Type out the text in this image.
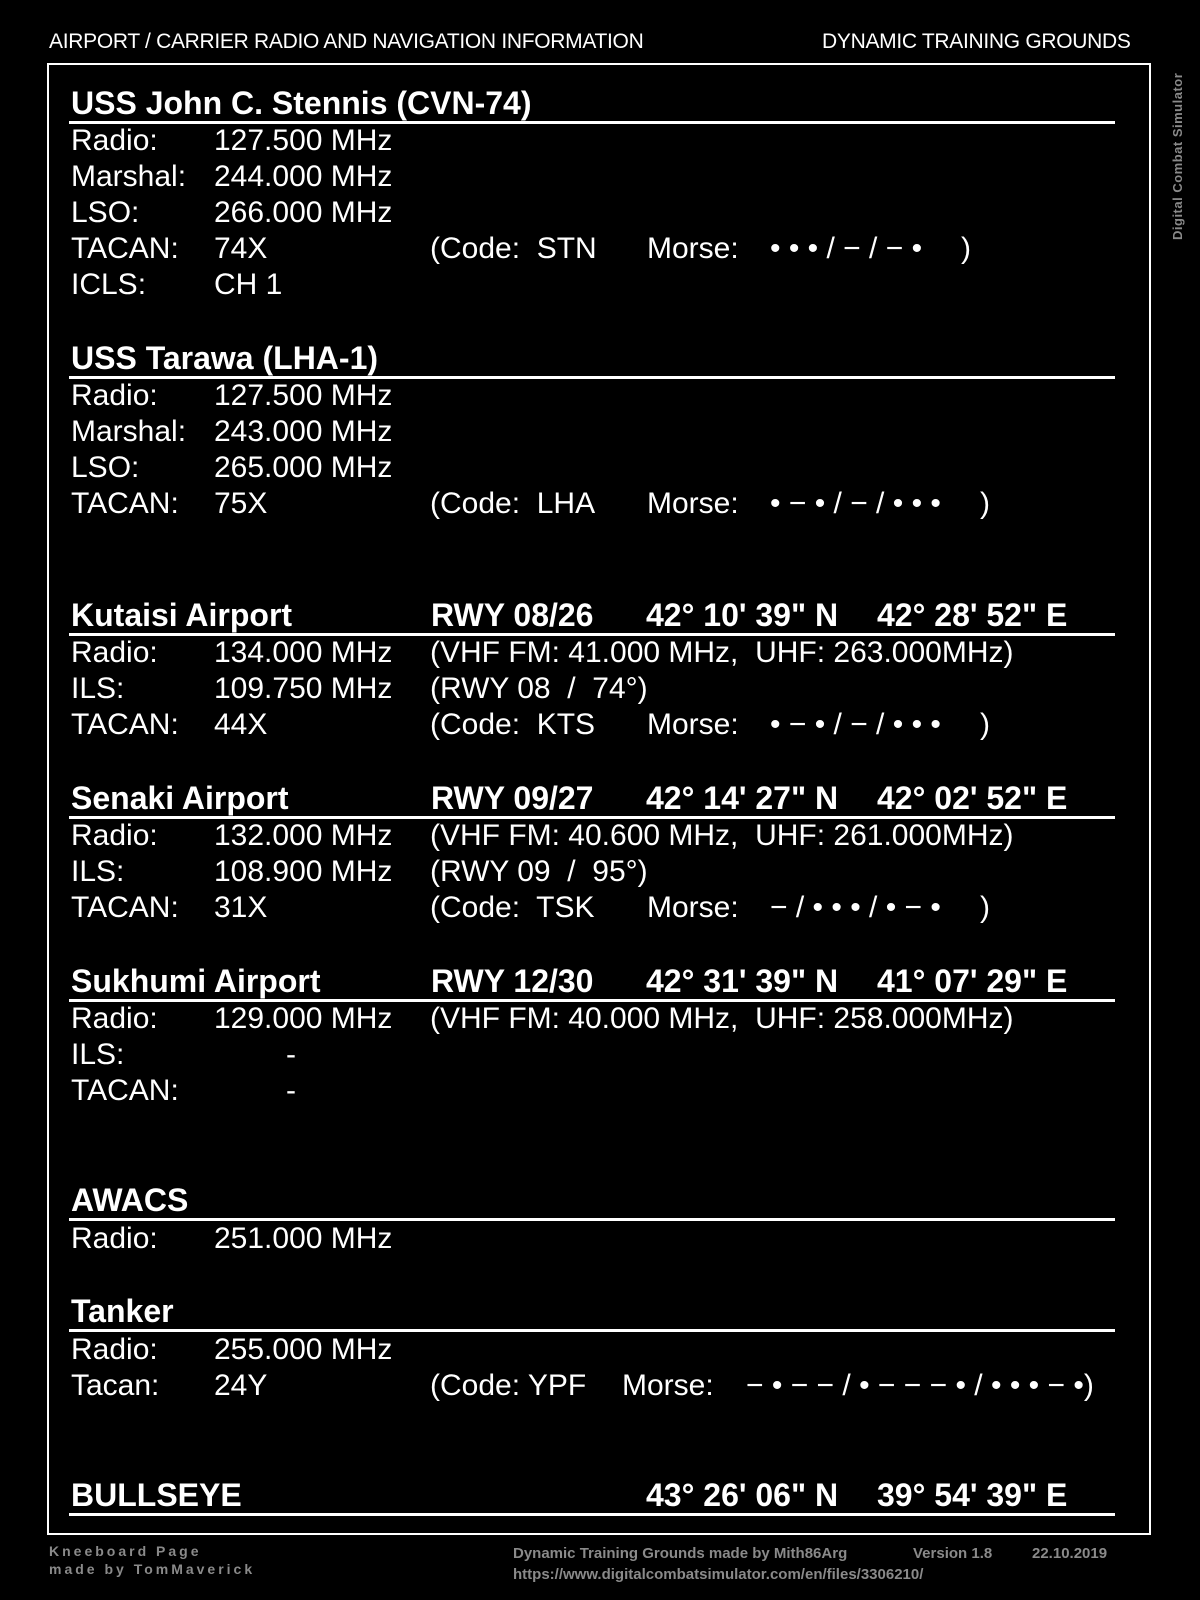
AIRPORT / CARRIER RADIO AND NAVIGATION INFORMATION	DYNAMIC TRAINING GROUNDS
Digital Combat Simulator
USS John C. Stennis (CVN-74)
Radio: 127.500 MHz
Marshal: 244.000 MHz
LSO: 266.000 MHz
TACAN: 74X	(Code:  STN Morse: • • • / − / − • )
ICLS: CH 1
USS Tarawa (LHA-1)
Radio: 127.500 MHz
Marshal: 243.000 MHz
LSO: 265.000 MHz
TACAN: 75X	(Code:  LHA Morse: • − • / − / • • • )
Kutaisi Airport	RWY 08/26 42° 10' 39" N 42° 28' 52" E
Radio: 134.000 MHz (VHF FM: 41.000 MHz,  UHF: 263.000MHz)
ILS:	109.750 MHz (RWY 08  /  74°)
TACAN: 44X	(Code:  KTS Morse: • − • / − / • • • )
Senaki Airport	RWY 09/27 42° 14' 27" N 42° 02' 52" E
Radio: 132.000 MHz (VHF FM: 40.600 MHz,  UHF: 261.000MHz)
ILS:	108.900 MHz (RWY 09  /  95°)
TACAN: 31X	(Code:  TSK Morse: − / • • • / • − • )
Sukhumi Airport	RWY 12/30 42° 31' 39" N 41° 07' 29" E
Radio: 129.000 MHz (VHF FM: 40.000 MHz,  UHF: 258.000MHz)
ILS:	-
TACAN:	-
AWACS
Radio: 251.000 MHz
Tanker
Radio: 255.000 MHz
Tacan: 24Y	(Code: YPF Morse: − • − − / • − − − • / • • • − •)
BULLSEYE	43° 26' 06" N 39° 54' 39" E
Kneeboard Page
made by TomMaverick
Dynamic Training Grounds made by Mith86Arg	Version 1.8	22.10.2019
https://www.digitalcombatsimulator.com/en/files/3306210/
